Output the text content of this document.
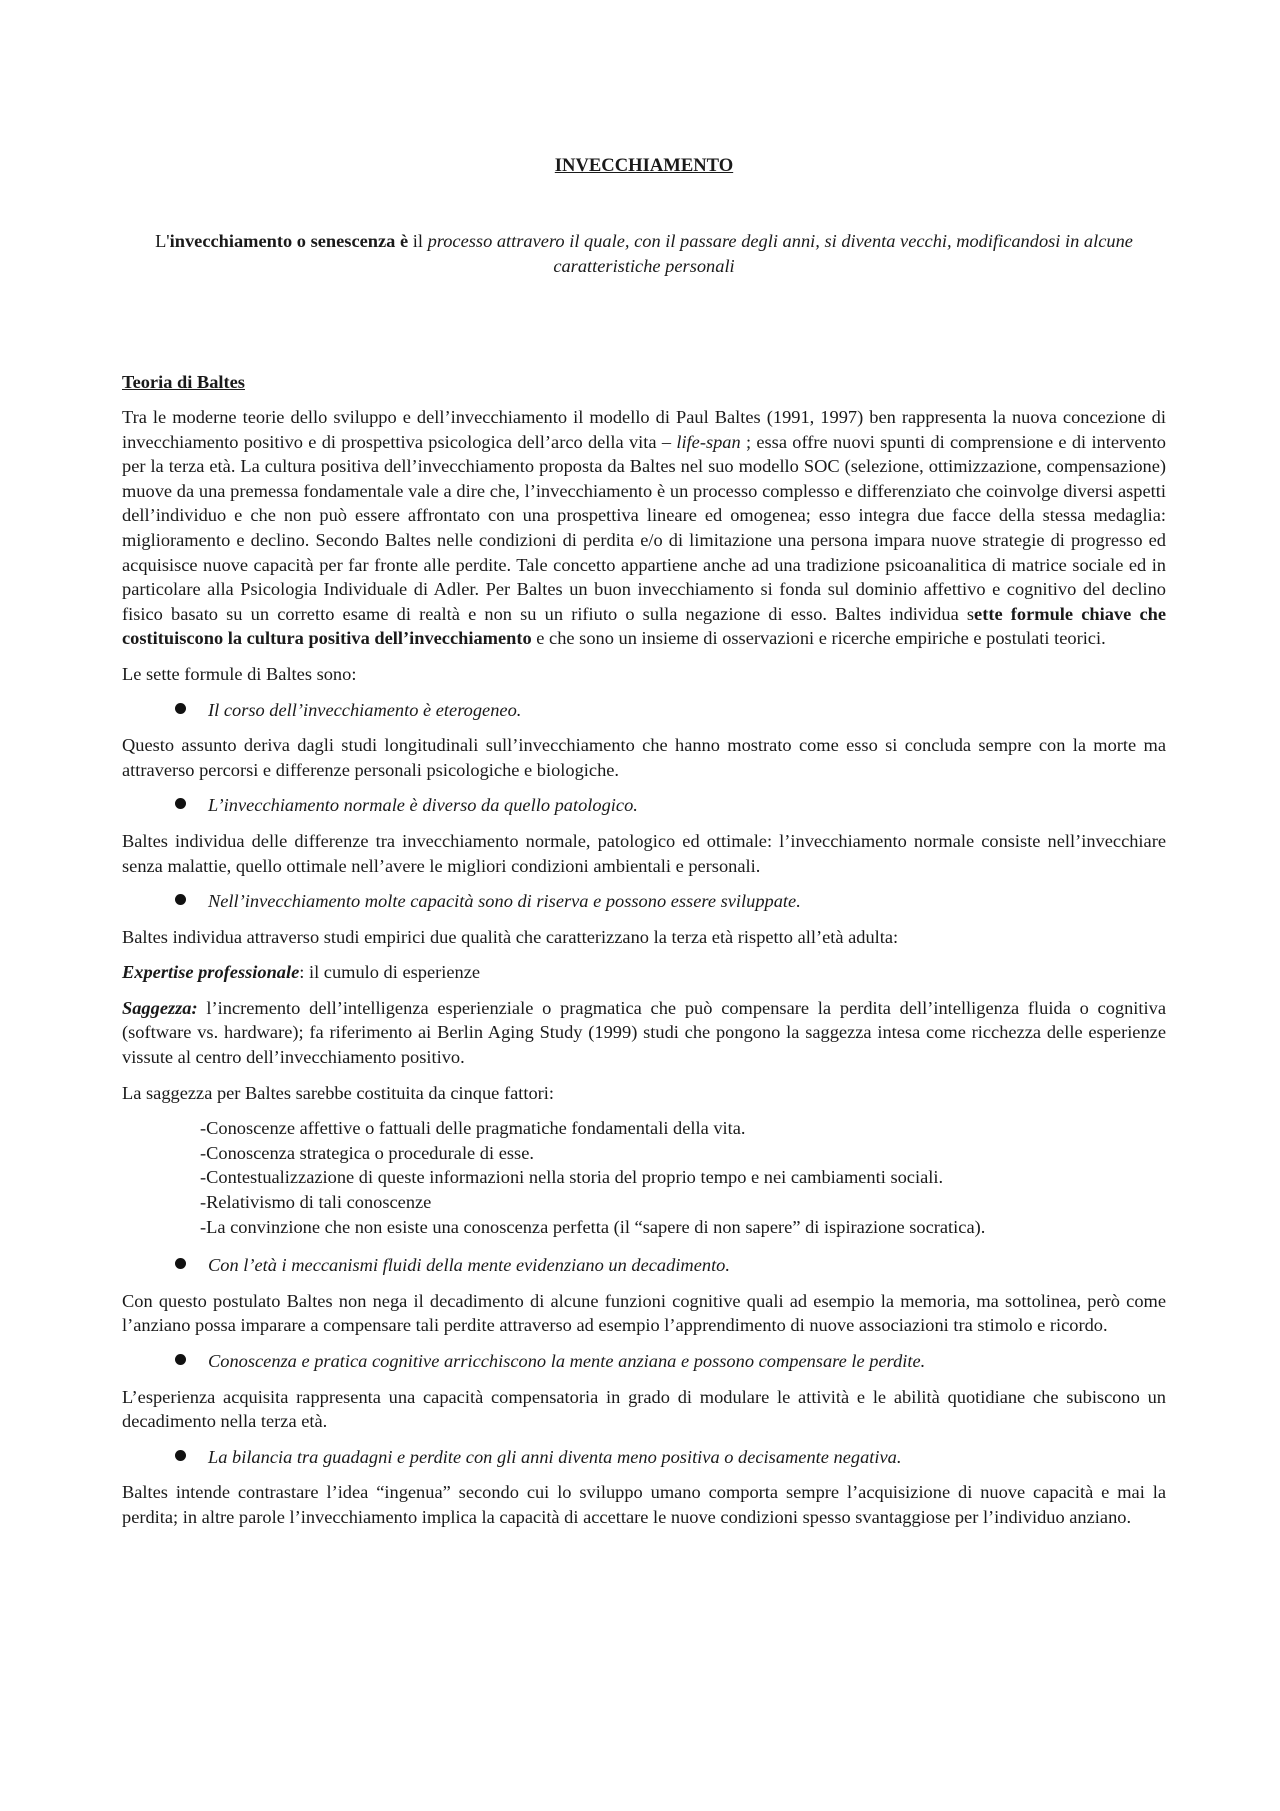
INVECCHIAMENTO
L'invecchiamento o senescenza è il processo attravero il quale, con il passare degli anni, si diventa vecchi, modificandosi in alcune caratteristiche personali
Teoria di Baltes

Tra le moderne teorie dello sviluppo e dell’invecchiamento il modello di Paul Baltes (1991, 1997) ben rappresenta la nuova concezione di invecchiamento positivo e di prospettiva psicologica dell’arco della vita – life-span ; essa offre nuovi spunti di comprensione e di intervento per la terza età. La cultura positiva dell’invecchiamento proposta da Baltes nel suo modello SOC (selezione, ottimizzazione, compensazione) muove da una premessa fondamentale vale a dire che, l’invecchiamento è un processo complesso e differenziato che coinvolge diversi aspetti dell’individuo e che non può essere affrontato con una prospettiva lineare ed omogenea; esso integra due facce della stessa medaglia: miglioramento e declino. Secondo Baltes nelle condizioni di perdita e/o di limitazione una persona impara nuove strategie di progresso ed acquisisce nuove capacità per far fronte alle perdite. Tale concetto appartiene anche ad una tradizione psicoanalitica di matrice sociale ed in particolare alla Psicologia Individuale di Adler. Per Baltes un buon invecchiamento si fonda sul dominio affettivo e cognitivo del declino fisico basato su un corretto esame di realtà e non su un rifiuto o sulla negazione di esso. Baltes individua sette formule chiave che costituiscono la cultura positiva dell’invecchiamento e che sono un insieme di osservazioni e ricerche empiriche e postulati teorici.

Le sette formule di Baltes sono:

Il corso dell’invecchiamento è eterogeneo.

Questo assunto deriva dagli studi longitudinali sull’invecchiamento che hanno mostrato come esso si concluda sempre con la morte ma attraverso percorsi e differenze personali psicologiche e biologiche.

L’invecchiamento normale è diverso da quello patologico.

Baltes individua delle differenze tra invecchiamento normale, patologico ed ottimale: l’invecchiamento normale consiste nell’invecchiare senza malattie, quello ottimale nell’avere le migliori condizioni ambientali e personali.

Nell’invecchiamento molte capacità sono di riserva e possono essere sviluppate.

Baltes individua attraverso studi empirici due qualità che caratterizzano la terza età rispetto all’età adulta:

Expertise professionale: il cumulo di esperienze

Saggezza: l’incremento dell’intelligenza esperienziale o pragmatica che può compensare la perdita dell’intelligenza fluida o cognitiva (software vs. hardware); fa riferimento ai Berlin Aging Study (1999) studi che pongono la saggezza intesa come ricchezza delle esperienze vissute al centro dell’invecchiamento positivo.

La saggezza per Baltes sarebbe costituita da cinque fattori:

-Conoscenze affettive o fattuali delle pragmatiche fondamentali della vita.
-Conoscenza strategica o procedurale di esse.
-Contestualizzazione di queste informazioni nella storia del proprio tempo e nei cambiamenti sociali.
-Relativismo di tali conoscenze
-La convinzione che non esiste una conoscenza perfetta (il “sapere di non sapere” di ispirazione socratica).
Con l’età i meccanismi fluidi della mente evidenziano un decadimento.

Con questo postulato Baltes non nega il decadimento di alcune funzioni cognitive quali ad esempio la memoria, ma sottolinea, però come l’anziano possa imparare a compensare tali perdite attraverso ad esempio l’apprendimento di nuove associazioni tra stimolo e ricordo.

Conoscenza e pratica cognitive arricchiscono la mente anziana e possono compensare le perdite.

L’esperienza acquisita rappresenta una capacità compensatoria in grado di modulare le attività e le abilità quotidiane che subiscono un decadimento nella terza età.

La bilancia tra guadagni e perdite con gli anni diventa meno positiva o decisamente negativa.

Baltes intende contrastare l’idea “ingenua” secondo cui lo sviluppo umano comporta sempre l’acquisizione di nuove capacità e mai la perdita; in altre parole l’invecchiamento implica la capacità di accettare le nuove condizioni spesso svantaggiose per l’individuo anziano.
